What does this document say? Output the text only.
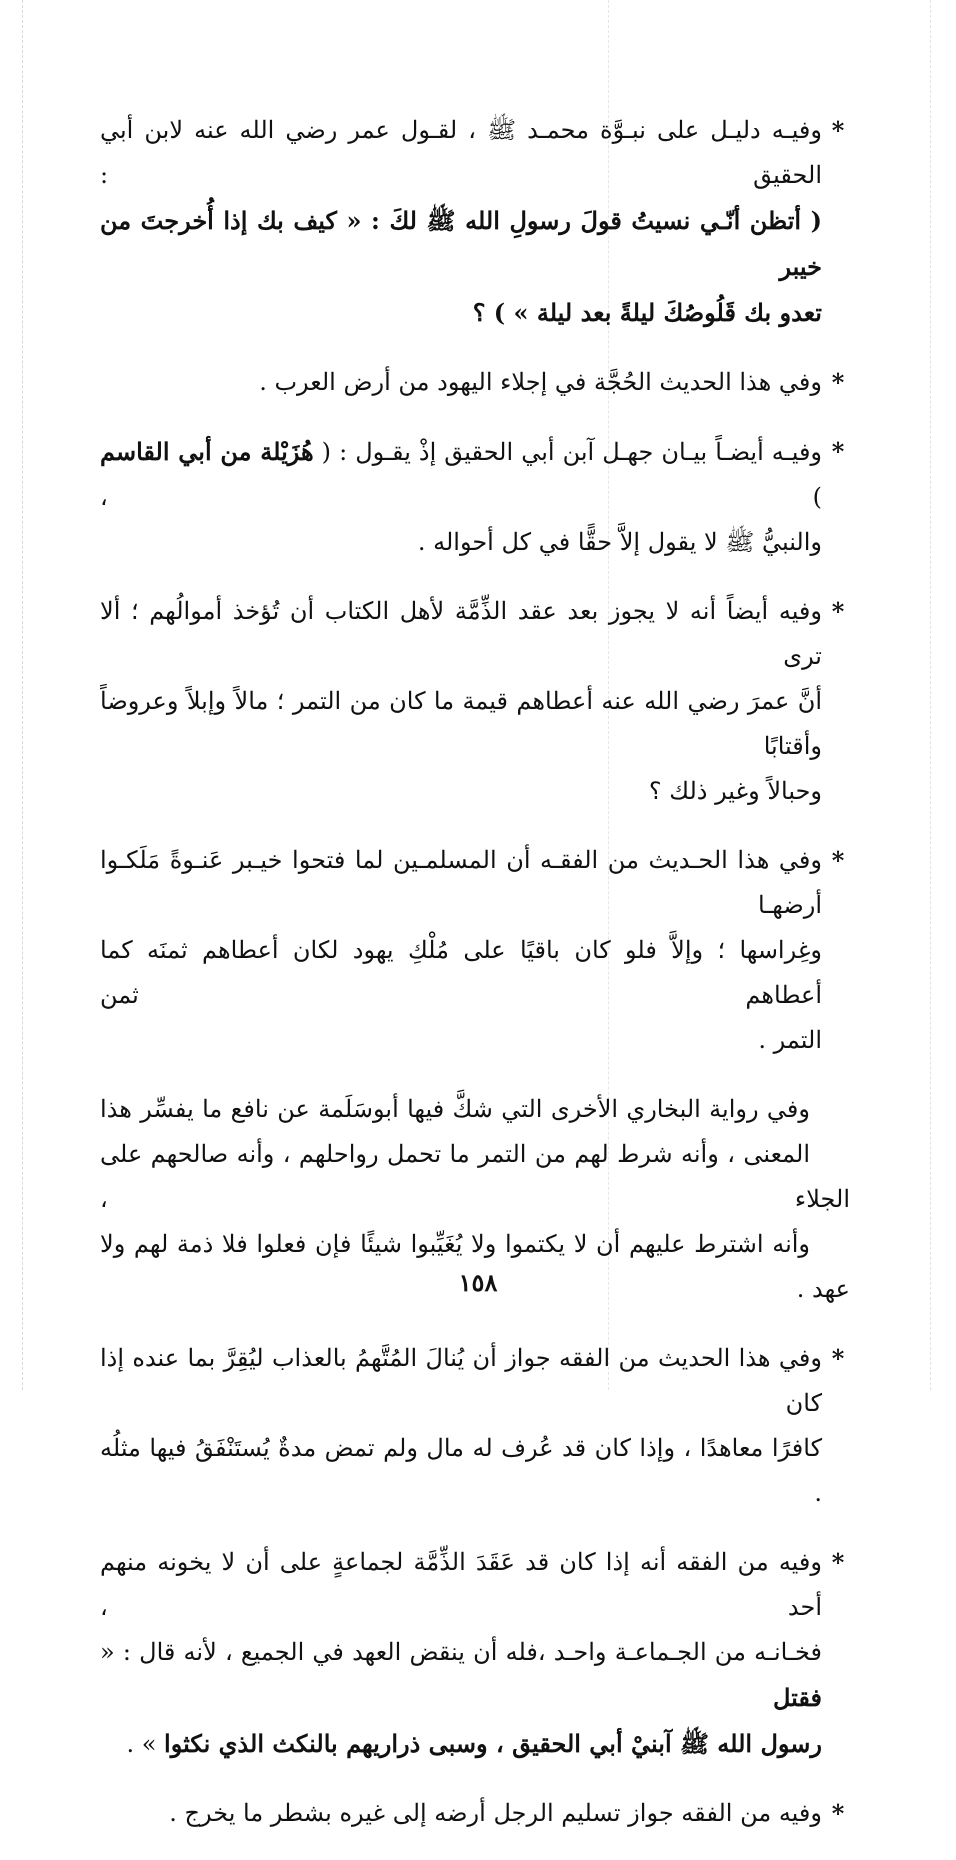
*
وفيـه دليـل على نبـوَّة محمـد ﷺ ، لقـول عمر رضي الله عنه لابن أبي الحقيق :
( أتظن أنّـي نسيتُ قولَ رسولِ الله ﷺ لكَ : « كيف بك إذا أُخرجتَ من خيبر
تعدو بك قَلُوصُكَ ليلةً بعد ليلة » ) ؟
*
وفي هذا الحديث الحُجَّة في إجلاء اليهود من أرض العرب .
*
وفيـه أيضـاً بيـان جهـل آبن أبي الحقيق إذْ يقـول : ( هُزَيْلة من أبي القاسم ) ،
والنبيُّ ﷺ لا يقول إلاَّ حقًّا في كل أحواله .
*
وفيه أيضاً أنه لا يجوز بعد عقد الذِّمَّة لأهل الكتاب أن تُؤخذ أموالُهم ؛ ألا ترى
أنَّ عمرَ رضي الله عنه أعطاهم قيمة ما كان من التمر ؛ مالاً وإبلاً وعروضاً وأقتابًا
وحبالاً وغير ذلك ؟
*
وفي هذا الحـديث من الفقـه أن المسلمـين لما فتحوا خيـبر عَنـوةً مَلَكـوا أرضهـا
وغِراسها ؛ وإلاَّ فلو كان باقيًا على مُلْكِ يهود لكان أعطاهم ثمنَه كما أعطاهم ثمن
التمر .
وفي رواية البخاري الأخرى التي شكَّ فيها أبوسَلَمة عن نافع ما يفسِّر هذا
المعنى ، وأنه شرط لهم من التمر ما تحمل رواحلهم ، وأنه صالحهم على الجلاء ،
وأنه اشترط عليهم أن لا يكتموا ولا يُغَيِّبوا شيئًا فإن فعلوا فلا ذمة لهم ولا عهد .
*
وفي هذا الحديث من الفقه جواز أن يُنالَ المُتَّهمُ بالعذاب ليُقِرَّ بما عنده إذا كان
كافرًا معاهدًا ، وإذا كان قد عُرف له مال ولم تمض مدةٌ يُستَنْفَقُ فيها مثلُه .
*
وفيه من الفقه أنه إذا كان قد عَقَدَ الذِّمَّة لجماعةٍ على أن لا يخونه منهم أحد ،
فخـانـه من الجـماعـة واحـد ،فله أن ينقض العهد في الجميع ، لأنه قال : « فقتل
رسول الله ﷺ آبنيْ أبي الحقيق ، وسبى ذراريهم بالنكث الذي نكثوا » .
*
وفيه من الفقه جواز تسليم الرجل أرضه إلى غيره بشطر ما يخرج .
١٥٨
